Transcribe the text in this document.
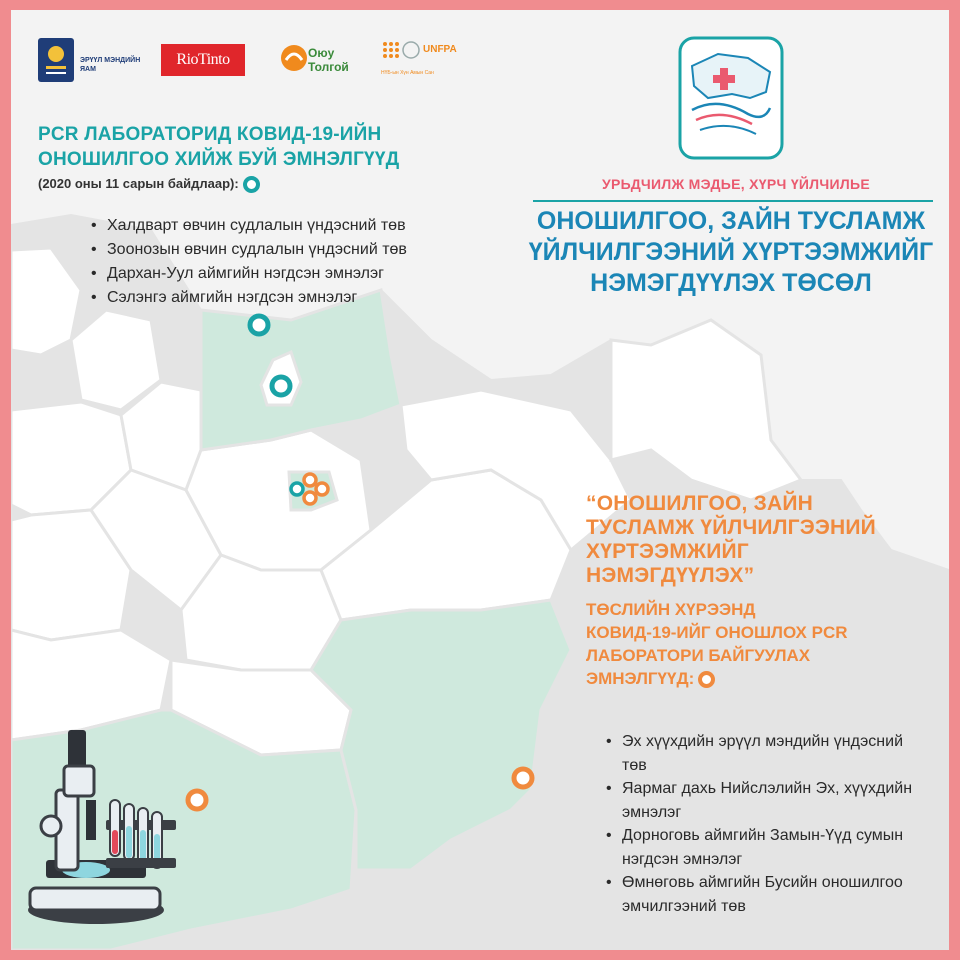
ЭРҮҮЛ МЭНДИЙН ЯАМ
RioTinto	Оюу
Толгой
UNFPA
НҮБ-ын Хүн Амын Сан
PCR ЛАБОРАТОРИД КОВИД-19-ИЙН
ОНОШИЛГОО ХИЙЖ БУЙ ЭМНЭЛГҮҮД
(2020 оны 11 сарын байдлаар):
• Халдварт өвчин судлалын үндэсний төв
• Зоонозын өвчин судлалын үндэсний төв
• Дархан-Уул аймгийн нэгдсэн эмнэлэг
• Сэлэнгэ аймгийн нэгдсэн эмнэлэг
УРЬДЧИЛЖ МЭДЬЕ, ХҮРЧ ҮЙЛЧИЛЬЕ
ОНОШИЛГОО, ЗАЙН ТУСЛАМЖ
ҮЙЛЧИЛГЭЭНИЙ ХҮРТЭЭМЖИЙГ
НЭМЭГДҮҮЛЭХ ТӨСӨЛ
“ОНОШИЛГОО, ЗАЙН
ТУСЛАМЖ ҮЙЛЧИЛГЭЭНИЙ
ХҮРТЭЭМЖИЙГ
НЭМЭГДҮҮЛЭХ”
ТӨСЛИЙН ХҮРЭЭНД
КОВИД-19-ИЙГ ОНОШЛОХ PCR
ЛАБОРАТОРИ БАЙГУУЛАХ
ЭМНЭЛГҮҮД:
• Эх хүүхдийн эрүүл мэндийн үндэсний төв
• Яармаг дахь Нийслэлийн Эх, хүүхдийн эмнэлэг
• Дорноговь аймгийн Замын-Үүд сумын нэгдсэн эмнэлэг
• Өмнөговь аймгийн Бусийн оношилгоо эмчилгээний төв
